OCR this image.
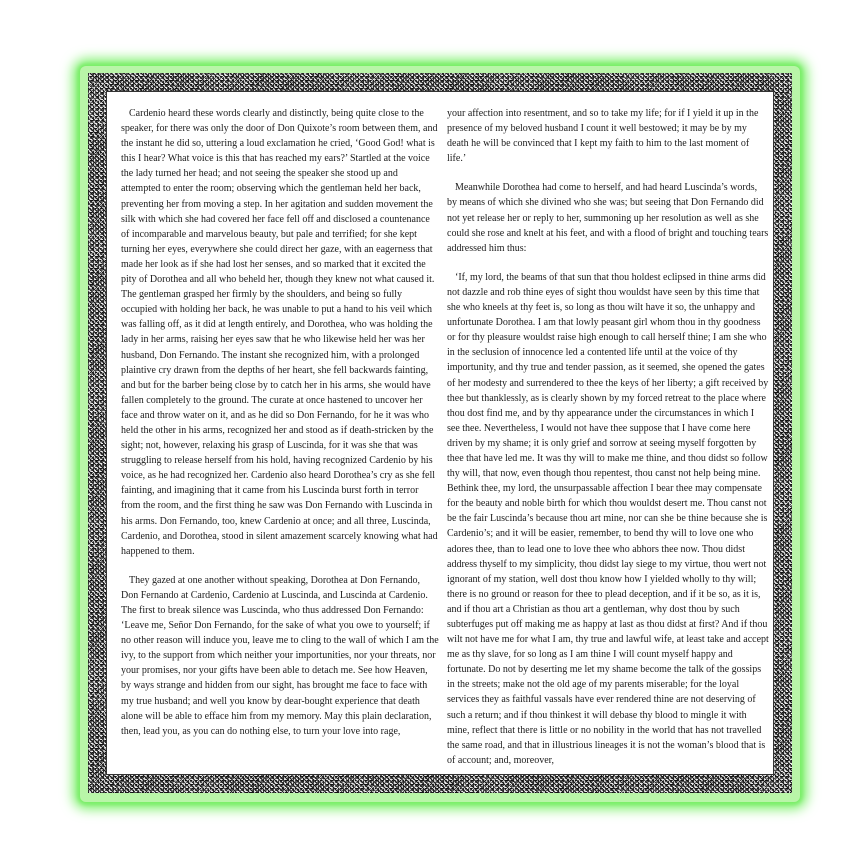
Cardenio heard these words clearly and distinctly, being quite close to the speaker, for there was only the door of Don Quixote’s room between them, and the instant he did so, uttering a loud exclamation he cried, ‘Good God! what is this I hear? What voice is this that has reached my ears?’ Startled at the voice the lady turned her head; and not seeing the speaker she stood up and attempted to enter the room; observing which the gentleman held her back, preventing her from moving a step. In her agitation and sudden movement the silk with which she had covered her face fell off and disclosed a countenance of incomparable and marvelous beauty, but pale and terrified; for she kept turning her eyes, everywhere she could direct her gaze, with an eagerness that made her look as if she had lost her senses, and so marked that it excited the pity of Dorothea and all who beheld her, though they knew not what caused it. The gentleman grasped her firmly by the shoulders, and being so fully occupied with holding her back, he was unable to put a hand to his veil which was falling off, as it did at length entirely, and Dorothea, who was holding the lady in her arms, raising her eyes saw that he who likewise held her was her husband, Don Fernando. The instant she recognized him, with a prolonged plaintive cry drawn from the depths of her heart, she fell backwards fainting, and but for the barber being close by to catch her in his arms, she would have fallen completely to the ground. The curate at once hastened to uncover her face and throw water on it, and as he did so Don Fernando, for he it was who held the other in his arms, recognized her and stood as if death-stricken by the sight; not, however, relaxing his grasp of Luscinda, for it was she that was struggling to release herself from his hold, having recognized Cardenio by his voice, as he had recognized her. Cardenio also heard Dorothea’s cry as she fell fainting, and imagining that it came from his Luscinda burst forth in terror from the room, and the first thing he saw was Don Fernando with Luscinda in his arms. Don Fernando, too, knew Cardenio at once; and all three, Luscinda, Cardenio, and Dorothea, stood in silent amazement scarcely knowing what had happened to them.

They gazed at one another without speaking, Dorothea at Don Fernando, Don Fernando at Cardenio, Cardenio at Luscinda, and Luscinda at Cardenio. The first to break silence was Luscinda, who thus addressed Don Fernando: ‘Leave me, Señor Don Fernando, for the sake of what you owe to yourself; if no other reason will induce you, leave me to cling to the wall of which I am the ivy, to the support from which neither your importunities, nor your threats, nor your promises, nor your gifts have been able to detach me. See how Heaven, by ways strange and hidden from our sight, has brought me face to face with my true husband; and well you know by dear-bought experience that death alone will be able to efface him from my memory. May this plain declaration, then, lead you, as you can do nothing else, to turn your love into rage,

your affection into resentment, and so to take my life; for if I yield it up in the presence of my beloved husband I count it well bestowed; it may be by my death he will be convinced that I kept my faith to him to the last moment of life.’

Meanwhile Dorothea had come to herself, and had heard Luscinda’s words, by means of which she divined who she was; but seeing that Don Fernando did not yet release her or reply to her, summoning up her resolution as well as she could she rose and knelt at his feet, and with a flood of bright and touching tears addressed him thus:

‘If, my lord, the beams of that sun that thou holdest eclipsed in thine arms did not dazzle and rob thine eyes of sight thou wouldst have seen by this time that she who kneels at thy feet is, so long as thou wilt have it so, the unhappy and unfortunate Dorothea. I am that lowly peasant girl whom thou in thy goodness or for thy pleasure wouldst raise high enough to call herself thine; I am she who in the seclusion of innocence led a contented life until at the voice of thy importunity, and thy true and tender passion, as it seemed, she opened the gates of her modesty and surrendered to thee the keys of her liberty; a gift received by thee but thanklessly, as is clearly shown by my forced retreat to the place where thou dost find me, and by thy appearance under the circumstances in which I see thee. Nevertheless, I would not have thee suppose that I have come here driven by my shame; it is only grief and sorrow at seeing myself forgotten by thee that have led me. It was thy will to make me thine, and thou didst so follow thy will, that now, even though thou repentest, thou canst not help being mine. Bethink thee, my lord, the unsurpassable affection I bear thee may compensate for the beauty and noble birth for which thou wouldst desert me. Thou canst not be the fair Luscinda’s because thou art mine, nor can she be thine because she is Cardenio’s; and it will be easier, remember, to bend thy will to love one who adores thee, than to lead one to love thee who abhors thee now. Thou didst address thyself to my simplicity, thou didst lay siege to my virtue, thou wert not ignorant of my station, well dost thou know how I yielded wholly to thy will; there is no ground or reason for thee to plead deception, and if it be so, as it is, and if thou art a Christian as thou art a gentleman, why dost thou by such subterfuges put off making me as happy at last as thou didst at first? And if thou wilt not have me for what I am, thy true and lawful wife, at least take and accept me as thy slave, for so long as I am thine I will count myself happy and fortunate. Do not by deserting me let my shame become the talk of the gossips in the streets; make not the old age of my parents miserable; for the loyal services they as faithful vassals have ever rendered thine are not deserving of such a return; and if thou thinkest it will debase thy blood to mingle it with mine, reflect that there is little or no nobility in the world that has not travelled the same road, and that in illustrious lineages it is not the woman’s blood that is of account; and, moreover,
